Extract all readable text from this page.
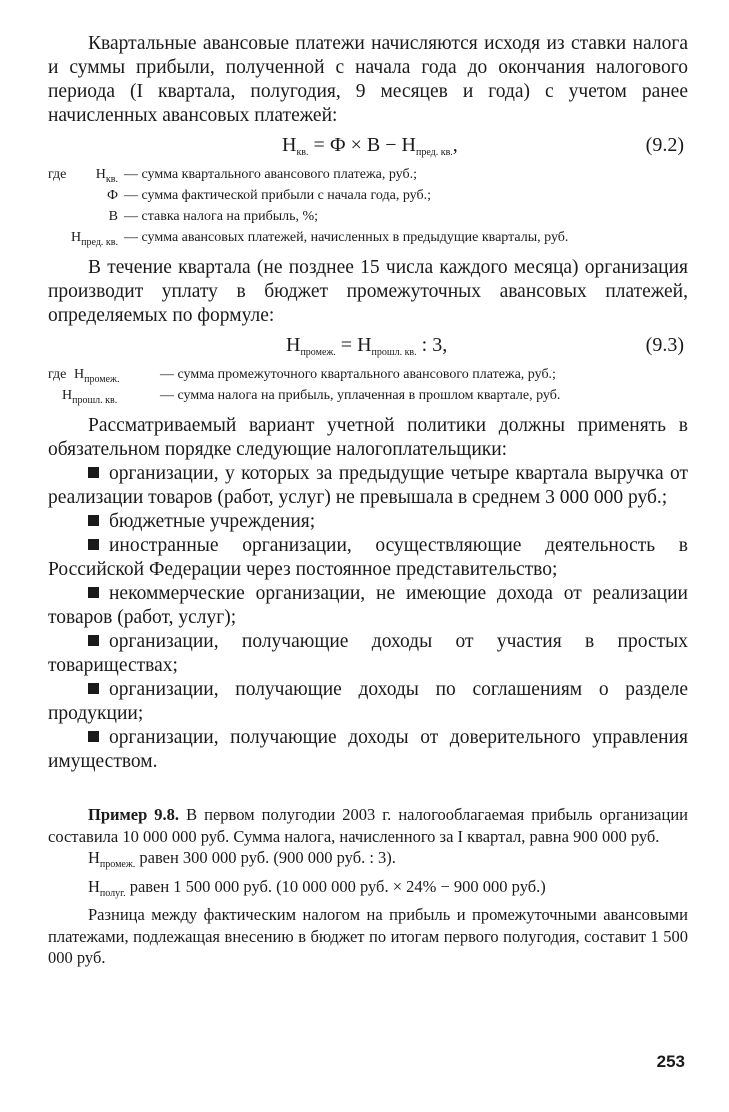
Квартальные авансовые платежи начисляются исходя из ставки налога и суммы прибыли, полученной с начала года до окончания налогового периода (I квартала, полугодия, 9 месяцев и года) с учетом ранее начисленных авансовых платежей:

$Н_{кв.} = Ф \times В - Н_{пред. кв.}$,	(9.2)
где	$Н_{кв.}$ — сумма квартального авансового платежа, руб.;
Ф — сумма фактической прибыли с начала года, руб.;
В — ставка налога на прибыль, %;
$Н_{пред. кв.}$ — сумма авансовых платежей, начисленных в предыдущие кварталы, руб.

В течение квартала (не позднее 15 числа каждого месяца) организация производит уплату в бюджет промежуточных авансовых платежей, определяемых по формуле:

$Н_{промеж.} = Н_{прошл. кв.}$ : 3,	(9.3)
где $Н_{промеж.}$	— сумма промежуточного квартального авансового платежа, руб.;
$Н_{прошл. кв.}$	— сумма налога на прибыль, уплаченная в прошлом квартале, руб.

Рассматриваемый вариант учетной политики должны применять в обязательном порядке следующие налогоплательщики:

организации, у которых за предыдущие четыре квартала выручка от реализации товаров (работ, услуг) не превышала в среднем 3 000 000 руб.;

бюджетные учреждения;

иностранные организации, осуществляющие деятельность в Российской Федерации через постоянное представительство;

некоммерческие организации, не имеющие дохода от реализации товаров (работ, услуг);

организации, получающие доходы от участия в простых товариществах;

организации, получающие доходы по соглашениям о разделе продукции;

организации, получающие доходы от доверительного управления имуществом.

Пример 9.8. В первом полугодии 2003 г. налогооблагаемая прибыль организации составила 10 000 000 руб. Сумма налога, начисленного за I квартал, равна 900 000 руб.

$Н_{промеж.}$ равен 300 000 руб. (900 000 руб. : 3).

$Н_{полуг.}$ равен 1 500 000 руб. (10 000 000 руб. × 24% − 900 000 руб.)

Разница между фактическим налогом на прибыль и промежуточными авансовыми платежами, подлежащая внесению в бюджет по итогам первого полугодия, составит 1 500 000 руб.

253
